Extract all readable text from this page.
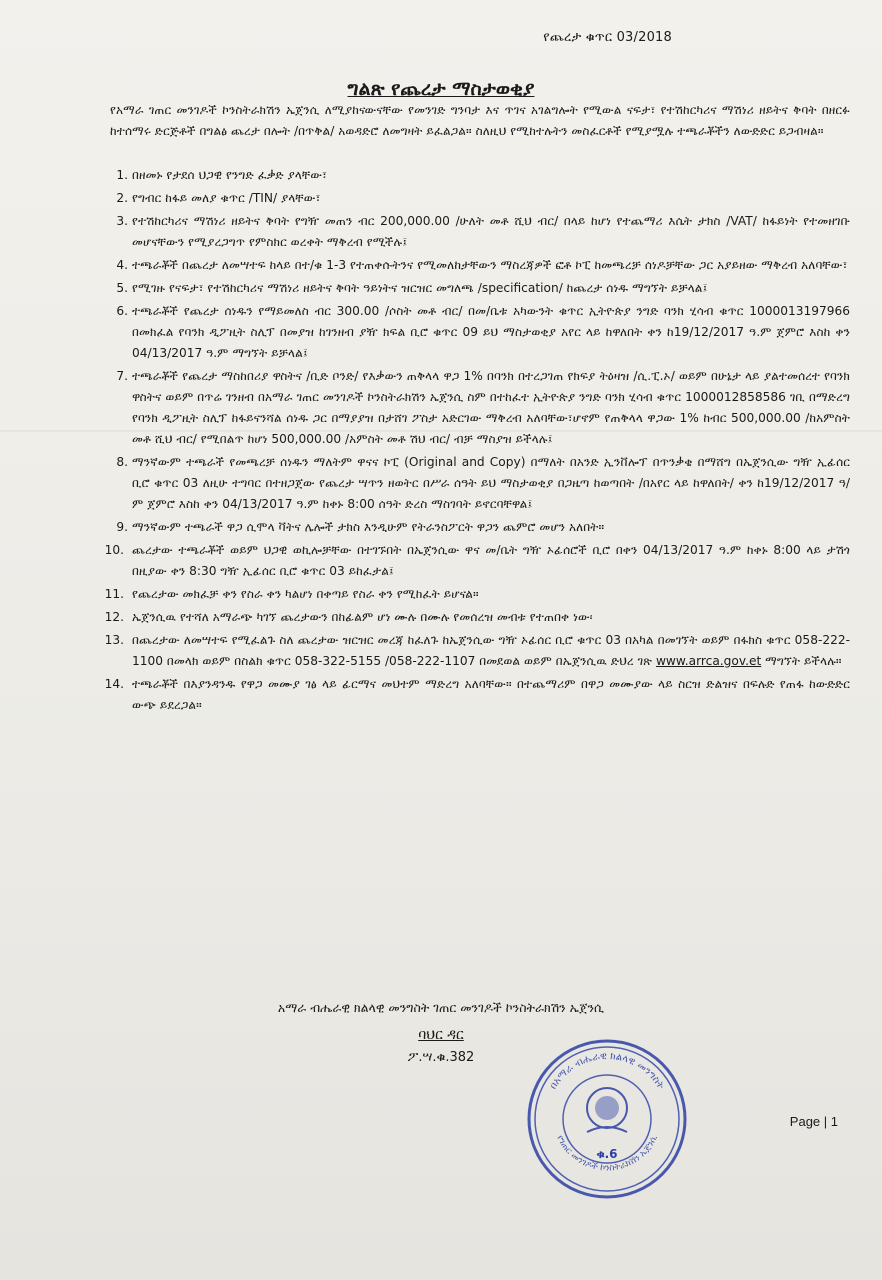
የጨረታ ቁጥር 03/2018
ግልጽ የጨረታ ማስታወቂያ
የአማራ ገጠር መንገዶች ኮንስትራክሽን ኤጀንሲ ለሚያከናውናቸው የመንገድ ግንባታ እና ጥገና አገልግሎት የሚውል ናፍታ፣ የተሽከርካሪና ማሽነሪ ዘይትና ቅባት በዘርፉ ከተሰማሩ ድርጅቶች በግልፅ ጨረታ በሎት /በጥቅል/ አወዳድሮ ለመግዛት ይፈልጋል። ስለዚህ የሚከተሉትን መስፈርቶች የሚያሟሉ ተጫራቾችን ለውድድር ይጋብዛል።
1. በዘመኑ የታደሰ ህጋዊ የንግድ ፈቃድ ያላቸው፣
2. የግብር ከፋይ መለያ ቁጥር /TIN/ ያላቸው፣
3. የተሽከርካሪና ማሽነሪ ዘይትና ቅባት የግዥ መጠን ብር 200,000.00 /ሁለት መቶ ሺህ ብር/ በላይ ከሆነ የተጨማሪ እሴት ታክስ /VAT/ ከፋይነት የተመዘገቡ መሆናቸውን የሚያረጋግጥ የምስክር ወረቀት ማቅረብ የሚችሉ፤
4. ተጫራቾች በጨረታ ለመሣተፍ ከላይ በተ/ቁ 1-3 የተጠቀሱትንና የሚመለከታቸውን ማስረጃዎች ፎቶ ኮፒ ከመጫረቻ ሰነዶቻቸው ጋር አያይዘው ማቅረብ አለባቸው፣
5. የሚገዙ የናፍታ፣ የተሽከርካሪና ማሽነሪ ዘይትና ቅባት ዓይነትና ዝርዝር መግለጫ /specification/ ከጨረታ ሰነዱ ማግኘት ይቻላል፤
6. ተጫራቾች የጨረታ ሰነዱን የማይመለስ ብር 300.00 /ሶስት መቶ ብር/ በመ/ቤቱ አካውንት ቁጥር ኢትዮጵያ ንግድ ባንክ ሂሳብ ቁጥር 1000013197966 በመክፈል የባንክ ዲፖዚት ስሊፕ በመያዝ ከገንዘብ ያዥ ክፍል ቢሮ ቁጥር 09 ይህ ማስታወቂያ አየር ላይ ከዋለበት ቀን ከ19/12/2017 ዓ.ም ጀምሮ እስከ ቀን 04/13/2017 ዓ.ም ማግኘት ይቻላል፤
7. ተጫራቾች የጨረታ ማስከበሪያ ዋስትና /ቢድ ቦንድ/ የእቃውን ጠቅላላ ዋጋ 1% በባንክ በተረጋገጠ የክፍያ ትዕዛዝ /ሲ.ፒ.ኦ/ ወይም በሁኔታ ላይ ያልተመሰረተ የባንክ ዋስትና ወይም በጥሬ ገንዘብ በአማራ ገጠር መንገዶች ኮንስትራክሽን ኤጀንሲ ስም በተከፈተ ኢትዮጵያ ንግድ ባንክ ሂሳብ ቁጥር 1000012858586 ገቢ በማድረግ የባንክ ዲፖዚት ስሊፕ ከፋይናንሻል ሰነዱ ጋር በማያያዝ በታሸገ ፖስታ አድርገው ማቅረብ አለባቸው፣ሆኖም የጠቅላላ ዋጋው 1% ከብር 500,000.00 /ከአምስት መቶ ሺህ ብር/ የሚበልጥ ከሆነ 500,000.00 /አምስት መቶ ሽህ ብር/ ብቻ ማስያዝ ይችላሉ፤
8. ማንኛውም ተጫራች የመጫረቻ ሰነዱን ማለትም ዋናና ኮፒ (Original and Copy) በማለት በአንድ ኢንቨሎፕ በጥንቃቄ በማሸግ በኤጀንሲው ግዥ ኢፊሰር ቢሮ ቁጥር 03 ለዚሁ ተግባር በተዘጋጀው የጨረታ ሣጥን ዘወትር በሥራ ሰዓት ይህ ማስታወቂያ በጋዜጣ ከወጣበት /በአየር ላይ ከዋለበት/ ቀን ከ19/12/2017 ዓ/ም ጀምሮ እስከ ቀን 04/13/2017 ዓ.ም ከቀኑ 8:00 ሰዓት ድረስ ማስገባት ይኖርባቸዋል፤
9. ማንኛውም ተጫራች ዋጋ ሲሞላ ቫትና ሌሎች ታክስ እንዲሁም የትራንስፖርት ዋጋን ጨምሮ መሆን አለበት።
10. ጨረታው ተጫራቾች ወይም ህጋዊ ወኪሎቻቸው በተገኙበት በኤጀንሲው ዋና መ/ቤት ግዥ ኦፊሰሮች ቢሮ በቀን 04/13/2017 ዓ.ም ከቀኑ 8:00 ላይ ታሽጎ በዚያው ቀን 8:30 ግዥ ኢፊሰር ቢሮ ቁጥር 03 ይከፈታል፤
11. የጨረታው መክፈቻ ቀን የስራ ቀን ካልሆነ በቀጣይ የስራ ቀን የሚከፈት ይሆናል።
12. ኤጀንሲዉ የተሻለ አማራጭ ካገኘ ጨረታውን በከፊልም ሆነ ሙሉ በሙሉ የመሰረዝ መብቱ የተጠበቀ ነው፡
13. በጨረታው ለመሣተፍ የሚፈልጉ ስለ ጨረታው ዝርዝር መረጃ ከፈለጉ ከኤጀንሲው ግዥ ኦፊሰር ቢሮ ቁጥር 03 በአካል በመገኘት ወይም በፋክስ ቁጥር 058-222-1100 በመላክ ወይም በስልክ ቁጥር 058-322-5155 /058-222-1107 በመደወል ወይም በኤጀንሲዉ ድህረ ገጽ www.arrca.gov.et ማግኘት ይችላሉ።
14. ተጫራቾች በእያንዳንዱ የዋጋ መሙያ ገፅ ላይ ፊርማና መህተም ማድረግ አለባቸው። በተጨማሪም በዋጋ መሙያው ላይ ስርዝ ድልዝና በፍሉድ የጠፋ ከውድድር ውጭ ይደረጋል።
አማራ ብሔራዊ ክልላዊ መንግስት ገጠር መንገዶች ኮንስትራክሽን ኤጀንሲ
ባህር ዳር
ፖ.ሣ.ቁ.382
በአማራ ብሔራዊ ክልላዊ መንግስት
የገጠር መንገዶች ኮንስትራክሽን ኤጀንሲ
ቁ.6
Page | 1
